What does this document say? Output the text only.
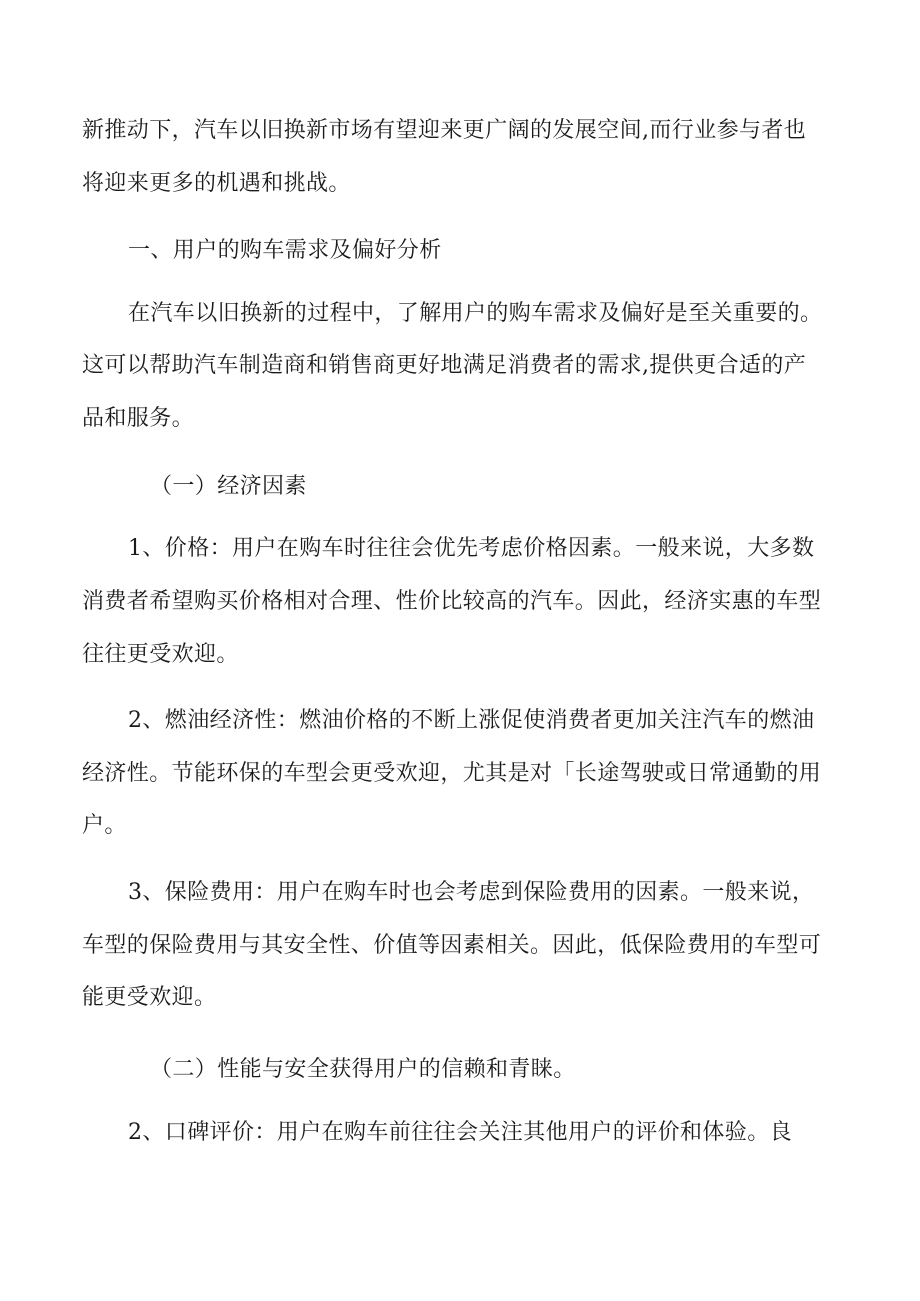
新推动下，汽车以旧换新市场有望迎来更广阔的发展空间,而行业参与者也
将迎来更多的机遇和挑战。
一、用户的购车需求及偏好分析
在汽车以旧换新的过程中，了解用户的购车需求及偏好是至关重要的。
这可以帮助汽车制造商和销售商更好地满足消费者的需求,提供更合适的产
品和服务。
（一）经济因素
1、价格：用户在购车时往往会优先考虑价格因素。一般来说，大多数
消费者希望购买价格相对合理、性价比较高的汽车。因此，经济实惠的车型
往往更受欢迎。
2、燃油经济性：燃油价格的不断上涨促使消费者更加关注汽车的燃油
经济性。节能环保的车型会更受欢迎，尤其是对「长途驾驶或日常通勤的用
户。
3、保险费用：用户在购车时也会考虑到保险费用的因素。一般来说，
车型的保险费用与其安全性、价值等因素相关。因此，低保险费用的车型可
能更受欢迎。
（二）性能与安全获得用户的信赖和青睐。
2、口碑评价：用户在购车前往往会关注其他用户的评价和体验。良
